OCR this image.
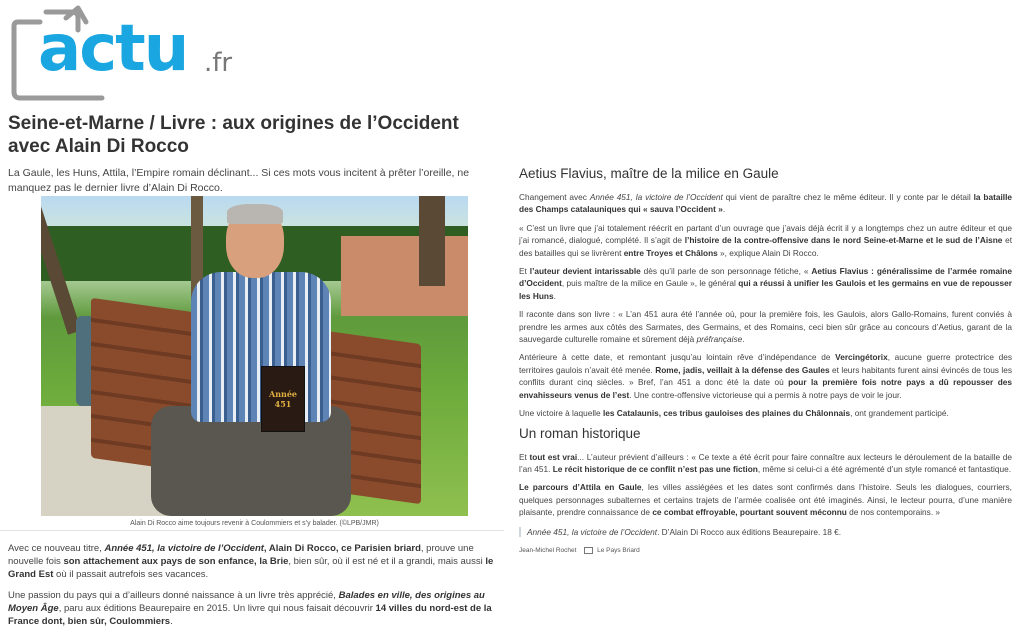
actu .fr
Seine-et-Marne / Livre : aux origines de l’Occident avec Alain Di Rocco
La Gaule, les Huns, Attila, l’Empire romain déclinant... Si ces mots vous incitent à prêter l’oreille, ne manquez pas le dernier livre d’Alain Di Rocco.
Année 451
Alain Di Rocco aime toujours revenir à Coulommiers et s’y balader. (©LPB/JMR)

Avec ce nouveau titre, Année 451, la victoire de l’Occident, Alain Di Rocco, ce Parisien briard, prouve une nouvelle fois son attachement aux pays de son enfance, la Brie, bien sûr, où il est né et il a grandi, mais aussi le Grand Est où il passait autrefois ses vacances.

Une passion du pays qui a d’ailleurs donné naissance à un livre très apprécié, Balades en ville, des origines au Moyen Âge, paru aux éditions Beaurepaire en 2015. Un livre qui nous faisait découvrir 14 villes du nord-est de la France dont, bien sûr, Coulommiers.

Aetius Flavius, maître de la milice en Gaule

Changement avec Année 451, la victoire de l’Occident qui vient de paraître chez le même éditeur. Il y conte par le détail la bataille des Champs catalauniques qui « sauva l’Occident ».

« C’est un livre que j’ai totalement réécrit en partant d’un ouvrage que j’avais déjà écrit il y a longtemps chez un autre éditeur et que j’ai romancé, dialogué, complété. Il s’agit de l’histoire de la contre-offensive dans le nord Seine-et-Marne et le sud de l’Aisne et des batailles qui se livrèrent entre Troyes et Châlons », explique Alain Di Rocco.

Et l’auteur devient intarissable dès qu’il parle de son personnage fétiche, « Aetius Flavius : généralissime de l’armée romaine d’Occident, puis maître de la milice en Gaule », le général qui a réussi à unifier les Gaulois et les germains en vue de repousser les Huns.

Il raconte dans son livre : « L’an 451 aura été l’année où, pour la première fois, les Gaulois, alors Gallo-Romains, furent conviés à prendre les armes aux côtés des Sarmates, des Germains, et des Romains, ceci bien sûr grâce au concours d’Aetius, garant de la sauvegarde culturelle romaine et sûrement déjà préfrançaise.

Antérieure à cette date, et remontant jusqu’au lointain rêve d’indépendance de Vercingétorix, aucune guerre protectrice des territoires gaulois n’avait été menée. Rome, jadis, veillait à la défense des Gaules et leurs habitants furent ainsi évincés de tous les conflits durant cinq siècles. » Bref, l’an 451 a donc été la date où pour la première fois notre pays a dû repousser des envahisseurs venus de l’est. Une contre-offensive victorieuse qui a permis à notre pays de voir le jour.

Une victoire à laquelle les Catalaunis, ces tribus gauloises des plaines du Châlonnais, ont grandement participé.

Un roman historique

Et tout est vrai... L’auteur prévient d’ailleurs : « Ce texte a été écrit pour faire connaître aux lecteurs le déroulement de la bataille de l’an 451. Le récit historique de ce conflit n’est pas une fiction, même si celui-ci a été agrémenté d’un style romancé et fantastique.

Le parcours d’Attila en Gaule, les villes assiégées et les dates sont confirmés dans l’histoire. Seuls les dialogues, courriers, quelques personnages subalternes et certains trajets de l’armée coalisée ont été imaginés. Ainsi, le lecteur pourra, d’une manière plaisante, prendre connaissance de ce combat effroyable, pourtant souvent méconnu de nos contemporains. »

Année 451, la victoire de l’Occident. D’Alain Di Rocco aux éditions Beaurepaire. 18 €.
Jean-Michel Rochet	Le Pays Briard
